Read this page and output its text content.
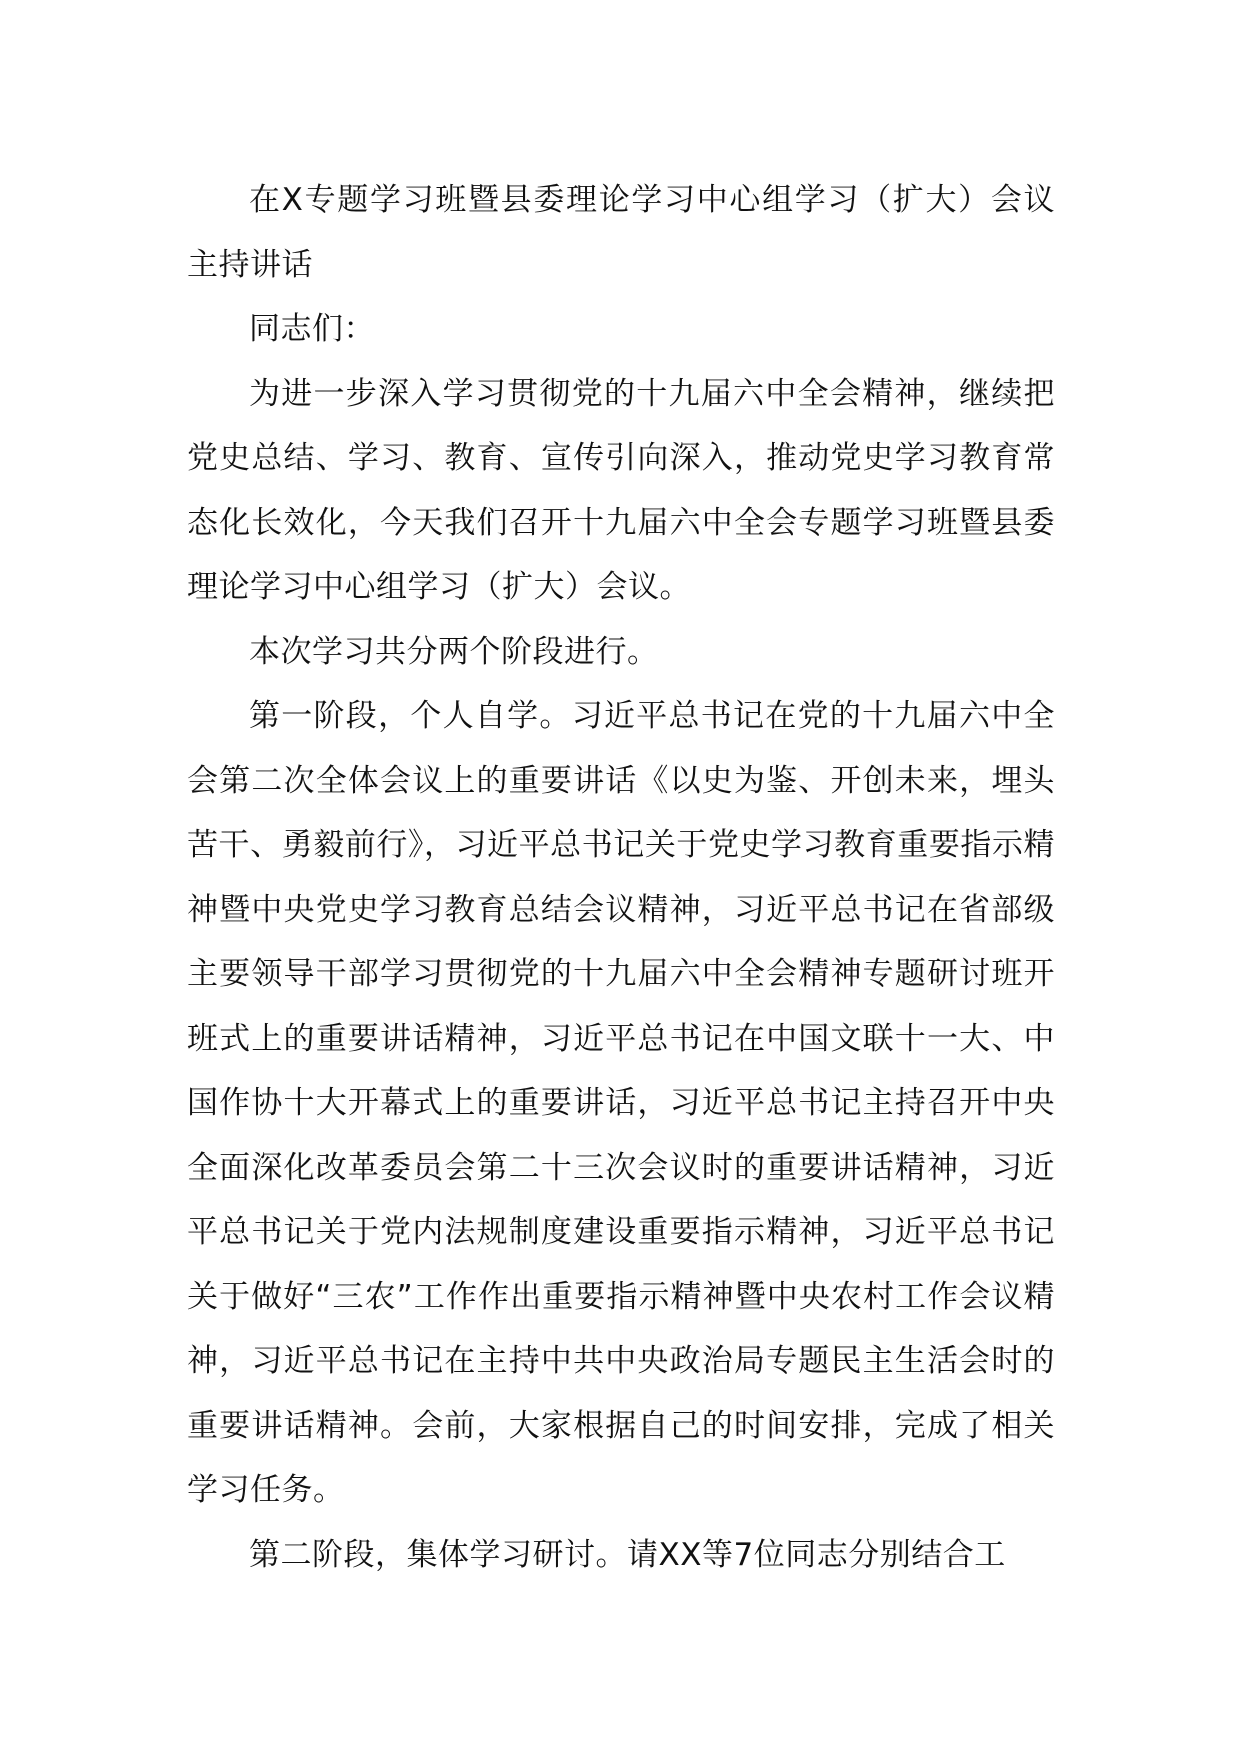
在X专题学习班暨县委理论学习中心组学习（扩大）会议主持讲话

同志们：

为进一步深入学习贯彻党的十九届六中全会精神，继续把党史总结、学习、教育、宣传引向深入，推动党史学习教育常态化长效化，今天我们召开十九届六中全会专题学习班暨县委理论学习中心组学习（扩大）会议。

本次学习共分两个阶段进行。

第一阶段，个人自学。习近平总书记在党的十九届六中全会第二次全体会议上的重要讲话《以史为鉴、开创未来，埋头苦干、勇毅前行》，习近平总书记关于党史学习教育重要指示精神暨中央党史学习教育总结会议精神，习近平总书记在省部级主要领导干部学习贯彻党的十九届六中全会精神专题研讨班开班式上的重要讲话精神，习近平总书记在中国文联十一大、中国作协十大开幕式上的重要讲话，习近平总书记主持召开中央全面深化改革委员会第二十三次会议时的重要讲话精神，习近平总书记关于党内法规制度建设重要指示精神，习近平总书记关于做好“三农”工作作出重要指示精神暨中央农村工作会议精神，习近平总书记在主持中共中央政治局专题民主生活会时的重要讲话精神。会前，大家根据自己的时间安排，完成了相关学习任务。

第二阶段，集体学习研讨。请XX等7位同志分别结合工
